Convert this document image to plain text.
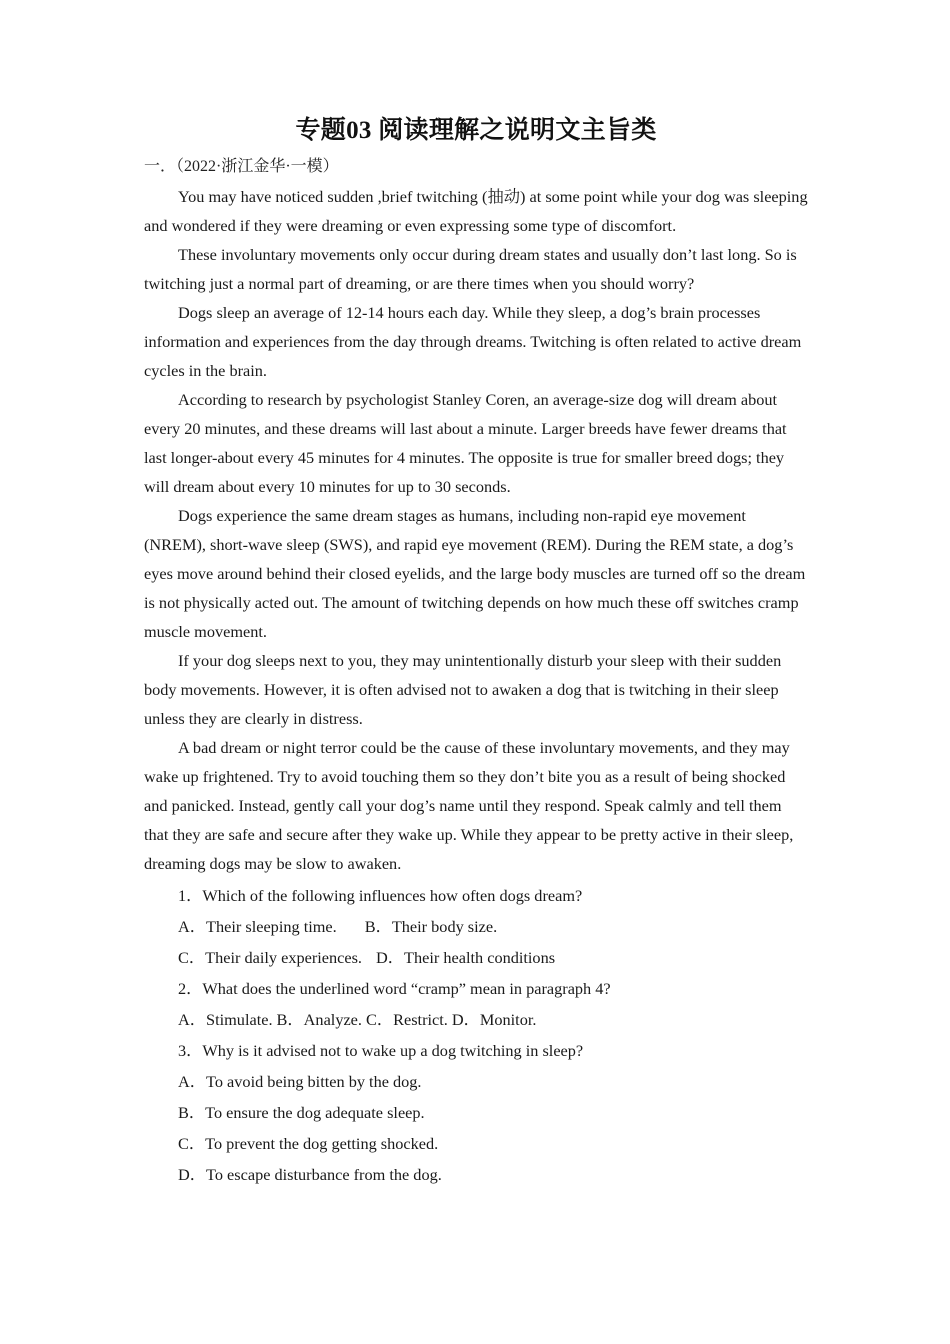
专题03 阅读理解之说明文主旨类
一．（2022·浙江金华·一模）

You may have noticed sudden ,brief twitching (抽动) at some point while your dog was sleeping and wondered if they were dreaming or even expressing some type of discomfort.

These involuntary movements only occur during dream states and usually don’t last long. So is twitching just a normal part of dreaming, or are there times when you should worry?

Dogs sleep an average of 12-14 hours each day. While they sleep, a dog’s brain processes information and experiences from the day through dreams. Twitching is often related to active dream cycles in the brain.

According to research by psychologist Stanley Coren, an average-size dog will dream about every 20 minutes, and these dreams will last about a minute. Larger breeds have fewer dreams that last longer-about every 45 minutes for 4 minutes. The opposite is true for smaller breed dogs; they will dream about every 10 minutes for up to 30 seconds.

Dogs experience the same dream stages as humans, including non-rapid eye movement (NREM), short-wave sleep (SWS), and rapid eye movement (REM). During the REM state, a dog’s eyes move around behind their closed eyelids, and the large body muscles are turned off so the dream is not physically acted out. The amount of twitching depends on how much these off switches cramp muscle movement.

If your dog sleeps next to you, they may unintentionally disturb your sleep with their sudden body movements. However, it is often advised not to awaken a dog that is twitching in their sleep unless they are clearly in distress.

A bad dream or night terror could be the cause of these involuntary movements, and they may wake up frightened. Try to avoid touching them so they don’t bite you as a result of being shocked and panicked. Instead, gently call your dog’s name until they respond. Speak calmly and tell them that they are safe and secure after they wake up. While they appear to be pretty active in their sleep, dreaming dogs may be slow to awaken.

1．Which of the following influences how often dogs dream?
A．Their sleeping time. B．Their body size.
C．Their daily experiences. D．Their health conditions
2．What does the underlined word “cramp” mean in paragraph 4?
A．Stimulate. B．Analyze. C．Restrict. D．Monitor.
3．Why is it advised not to wake up a dog twitching in sleep?
A．To avoid being bitten by the dog.
B．To ensure the dog adequate sleep.
C．To prevent the dog getting shocked.
D．To escape disturbance from the dog.
